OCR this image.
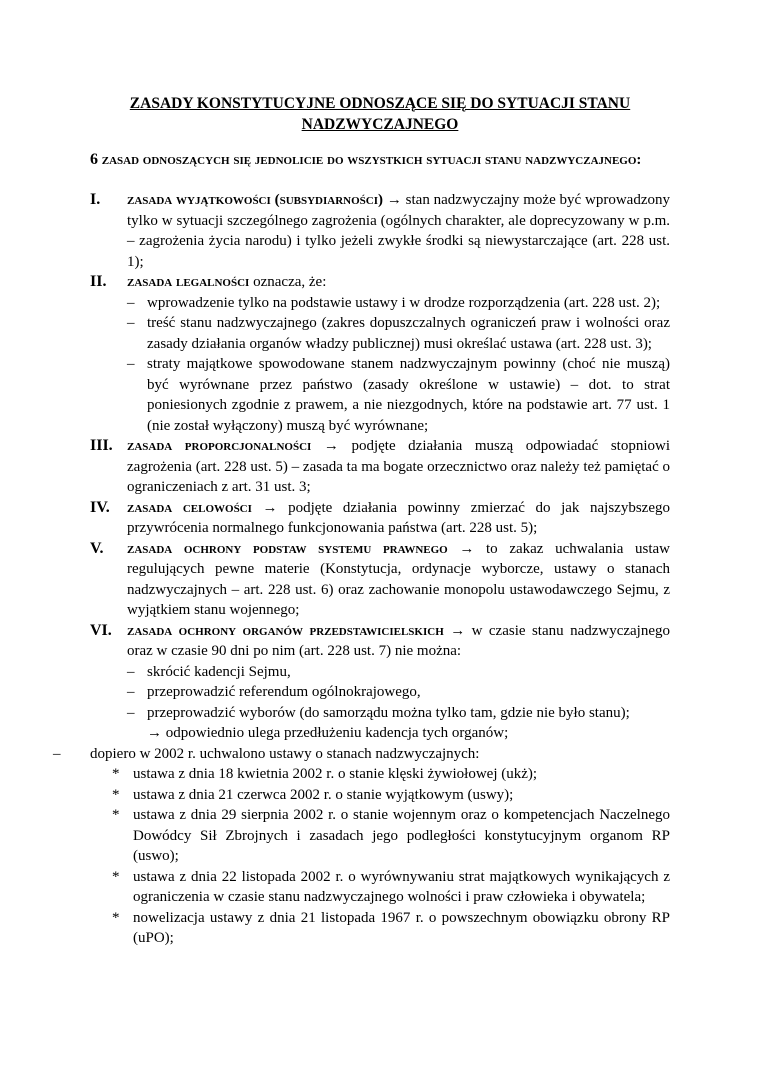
ZASADY KONSTYTUCYJNE ODNOSZĄCE SIĘ DO SYTUACJI STANU NADZWYCZAJNEGO
6 zasad odnoszących się jednolicie do wszystkich sytuacji stanu nadzwyczajnego:
I. zasada wyjątkowości (subsydiarności) → stan nadzwyczajny może być wprowadzony tylko w sytuacji szczególnego zagrożenia (ogólnych charakter, ale doprecyzowany w p.m. – zagrożenia życia narodu) i tylko jeżeli zwykłe środki są niewystarczające (art. 228 ust. 1);
II. zasada legalności oznacza, że:
– wprowadzenie tylko na podstawie ustawy i w drodze rozporządzenia (art. 228 ust. 2);
– treść stanu nadzwyczajnego (zakres dopuszczalnych ograniczeń praw i wolności oraz zasady działania organów władzy publicznej) musi określać ustawa (art. 228 ust. 3);
– straty majątkowe spowodowane stanem nadzwyczajnym powinny (choć nie muszą) być wyrównane przez państwo (zasady określone w ustawie) – dot. to strat poniesionych zgodnie z prawem, a nie niezgodnych, które na podstawie art. 77 ust. 1 (nie został wyłączony) muszą być wyrównane;
III. zasada proporcjonalności → podjęte działania muszą odpowiadać stopniowi zagrożenia (art. 228 ust. 5) – zasada ta ma bogate orzecznictwo oraz należy też pamiętać o ograniczeniach z art. 31 ust. 3;
IV. zasada celowości → podjęte działania powinny zmierzać do jak najszybszego przywrócenia normalnego funkcjonowania państwa (art. 228 ust. 5);
V. zasada ochrony podstaw systemu prawnego → to zakaz uchwalania ustaw regulujących pewne materie (Konstytucja, ordynacje wyborcze, ustawy o stanach nadzwyczajnych – art. 228 ust. 6) oraz zachowanie monopolu ustawodawczego Sejmu, z wyjątkiem stanu wojennego;
VI. zasada ochrony organów przedstawicielskich → w czasie stanu nadzwyczajnego oraz w czasie 90 dni po nim (art. 228 ust. 7) nie można:
– skrócić kadencji Sejmu,
– przeprowadzić referendum ogólnokrajowego,
– przeprowadzić wyborów (do samorządu można tylko tam, gdzie nie było stanu);
→ odpowiednio ulega przedłużeniu kadencja tych organów;
– dopiero w 2002 r. uchwalono ustawy o stanach nadzwyczajnych:
* ustawa z dnia 18 kwietnia 2002 r. o stanie klęski żywiołowej (ukż);
* ustawa z dnia 21 czerwca 2002 r. o stanie wyjątkowym (uswy);
* ustawa z dnia 29 sierpnia 2002 r. o stanie wojennym oraz o kompetencjach Naczelnego Dowódcy Sił Zbrojnych i zasadach jego podległości konstytucyjnym organom RP (uswo);
* ustawa z dnia 22 listopada 2002 r. o wyrównywaniu strat majątkowych wynikających z ograniczenia w czasie stanu nadzwyczajnego wolności i praw człowieka i obywatela;
* nowelizacja ustawy z dnia 21 listopada 1967 r. o powszechnym obowiązku obrony RP (uPO);
